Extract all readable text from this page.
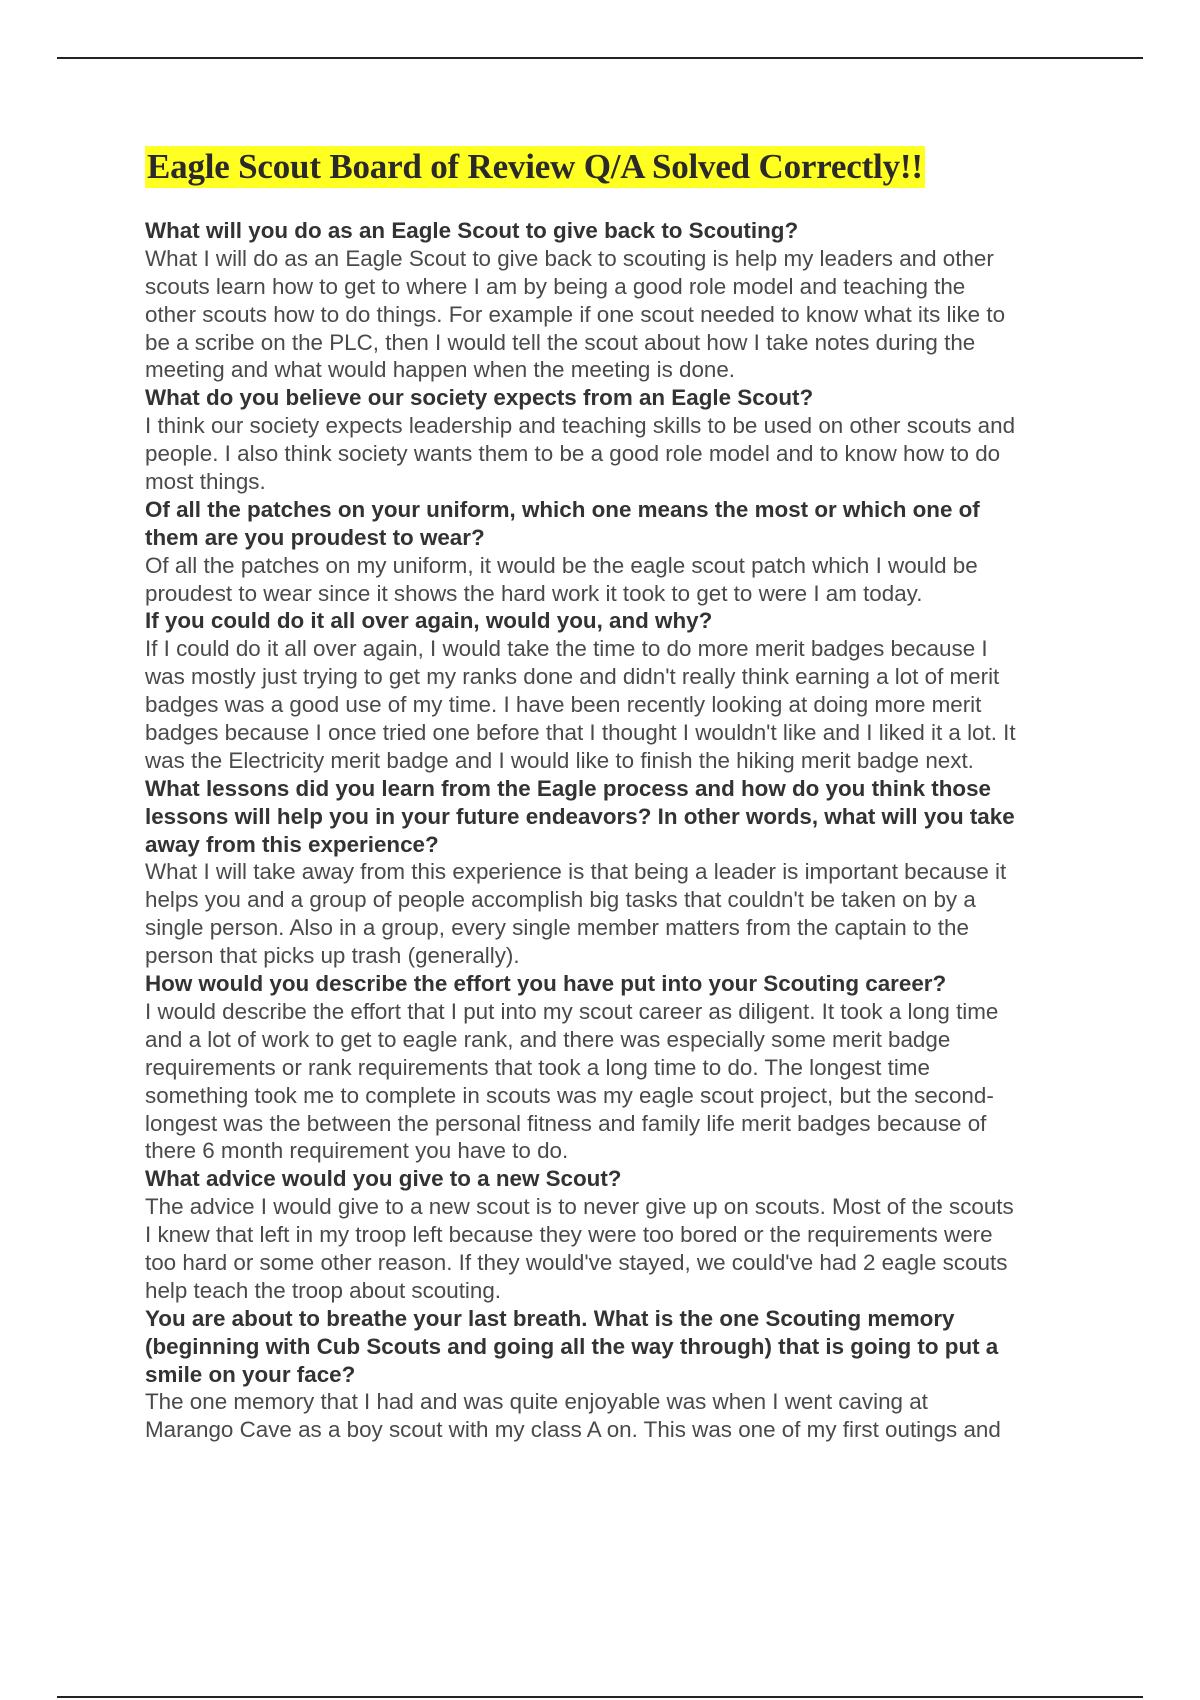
Eagle Scout Board of Review Q/A Solved Correctly!!
What will you do as an Eagle Scout to give back to Scouting?
What I will do as an Eagle Scout to give back to scouting is help my leaders and other
scouts learn how to get to where I am by being a good role model and teaching the
other scouts how to do things. For example if one scout needed to know what its like to
be a scribe on the PLC, then I would tell the scout about how I take notes during the
meeting and what would happen when the meeting is done.
What do you believe our society expects from an Eagle Scout?
I think our society expects leadership and teaching skills to be used on other scouts and
people. I also think society wants them to be a good role model and to know how to do
most things.
Of all the patches on your uniform, which one means the most or which one of
them are you proudest to wear?
Of all the patches on my uniform, it would be the eagle scout patch which I would be
proudest to wear since it shows the hard work it took to get to were I am today.
If you could do it all over again, would you, and why?
If I could do it all over again, I would take the time to do more merit badges because I
was mostly just trying to get my ranks done and didn't really think earning a lot of merit
badges was a good use of my time. I have been recently looking at doing more merit
badges because I once tried one before that I thought I wouldn't like and I liked it a lot. It
was the Electricity merit badge and I would like to finish the hiking merit badge next.
What lessons did you learn from the Eagle process and how do you think those
lessons will help you in your future endeavors? In other words, what will you take
away from this experience?
What I will take away from this experience is that being a leader is important because it
helps you and a group of people accomplish big tasks that couldn't be taken on by a
single person. Also in a group, every single member matters from the captain to the
person that picks up trash (generally).
How would you describe the effort you have put into your Scouting career?
I would describe the effort that I put into my scout career as diligent. It took a long time
and a lot of work to get to eagle rank, and there was especially some merit badge
requirements or rank requirements that took a long time to do. The longest time
something took me to complete in scouts was my eagle scout project, but the second-
longest was the between the personal fitness and family life merit badges because of
there 6 month requirement you have to do.
What advice would you give to a new Scout?
The advice I would give to a new scout is to never give up on scouts. Most of the scouts
I knew that left in my troop left because they were too bored or the requirements were
too hard or some other reason. If they would've stayed, we could've had 2 eagle scouts
help teach the troop about scouting.
You are about to breathe your last breath. What is the one Scouting memory
(beginning with Cub Scouts and going all the way through) that is going to put a
smile on your face?
The one memory that I had and was quite enjoyable was when I went caving at
Marango Cave as a boy scout with my class A on. This was one of my first outings and
